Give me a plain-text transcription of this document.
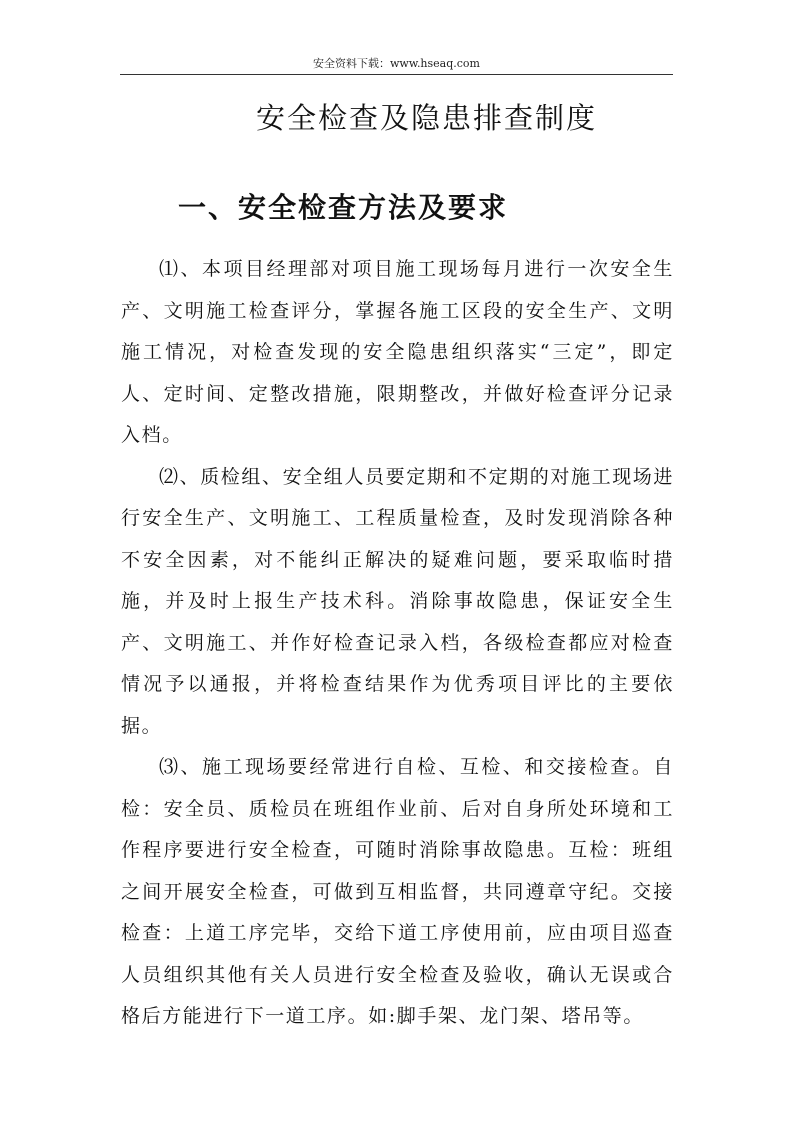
安全资料下载：www.hseaq.com
安全检查及隐患排查制度
一、安全检查方法及要求

⑴、本项目经理部对项目施工现场每月进行一次安全生产、文明施工检查评分，掌握各施工区段的安全生产、文明施工情况，对检查发现的安全隐患组织落实“三定”，即定人、定时间、定整改措施，限期整改，并做好检查评分记录入档。

⑵、质检组、安全组人员要定期和不定期的对施工现场进行安全生产、文明施工、工程质量检查，及时发现消除各种不安全因素，对不能纠正解决的疑难问题，要采取临时措施，并及时上报生产技术科。消除事故隐患，保证安全生产、文明施工、并作好检查记录入档，各级检查都应对检查情况予以通报，并将检查结果作为优秀项目评比的主要依据。

⑶、施工现场要经常进行自检、互检、和交接检查。自检：安全员、质检员在班组作业前、后对自身所处环境和工作程序要进行安全检查，可随时消除事故隐患。互检：班组之间开展安全检查，可做到互相监督，共同遵章守纪。交接检查：上道工序完毕，交给下道工序使用前，应由项目巡查人员组织其他有关人员进行安全检查及验收，确认无误或合格后方能进行下一道工序。如:脚手架、龙门架、塔吊等。
